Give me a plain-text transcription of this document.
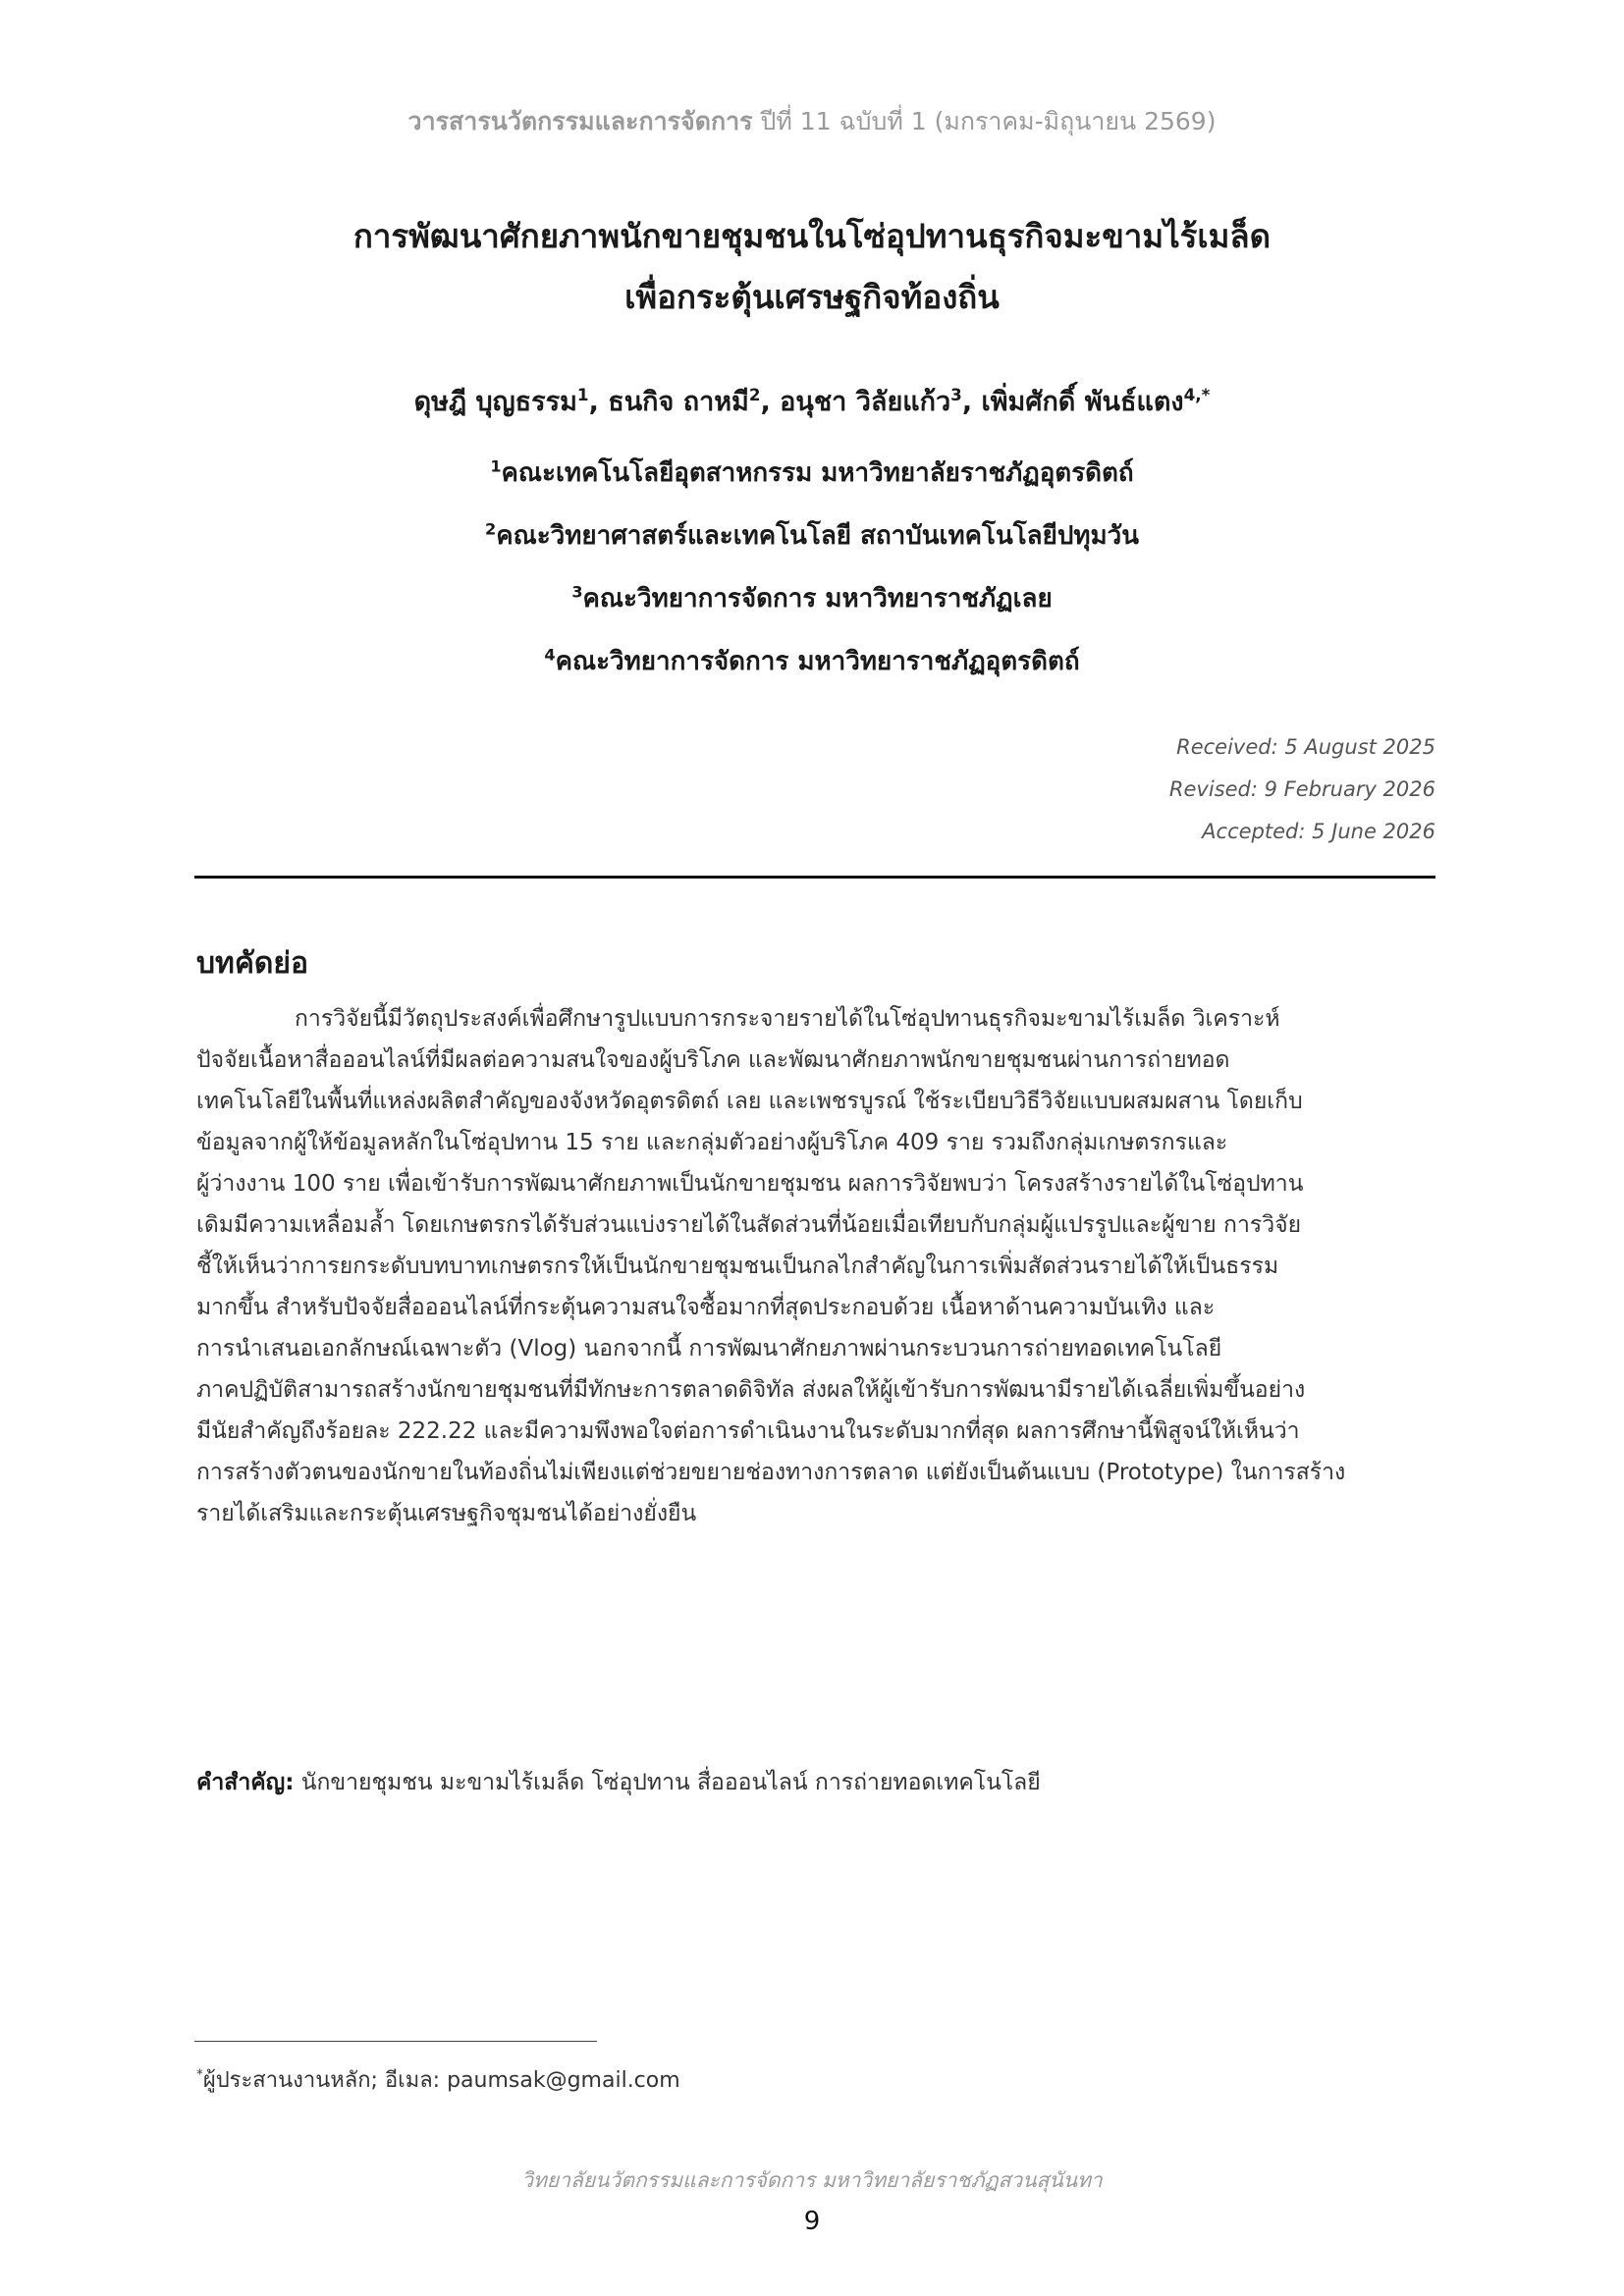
วารสารนวัตกรรมและการจัดการ ปีที่ 11 ฉบับที่ 1 (มกราคม-มิถุนายน 2569)
การพัฒนาศักยภาพนักขายชุมชนในโซ่อุปทานธุรกิจมะขามไร้เมล็ด
เพื่อกระตุ้นเศรษฐกิจท้องถิ่น
ดุษฎี บุญธรรม$^1$, ธนกิจ ถาหมี$^2$, อนุชา วิลัยแก้ว$^3$, เพิ่มศักดิ์ พันธ์แตง$^{4,*}$
$^1$คณะเทคโนโลยีอุตสาหกรรม มหาวิทยาลัยราชภัฏอุตรดิตถ์
$^2$คณะวิทยาศาสตร์และเทคโนโลยี สถาบันเทคโนโลยีปทุมวัน
$^3$คณะวิทยาการจัดการ มหาวิทยาราชภัฏเลย
$^4$คณะวิทยาการจัดการ มหาวิทยาราชภัฏอุตรดิตถ์
Received: 5 August 2025
Revised: 9 February 2026
Accepted: 5 June 2026
บทคัดย่อ
การวิจัยนี้มีวัตถุประสงค์เพื่อศึกษารูปแบบการกระจายรายได้ในโซ่อุปทานธุรกิจมะขามไร้เมล็ด วิเคราะห์
ปัจจัยเนื้อหาสื่อออนไลน์ที่มีผลต่อความสนใจของผู้บริโภค และพัฒนาศักยภาพนักขายชุมชนผ่านการถ่ายทอด
เทคโนโลยีในพื้นที่แหล่งผลิตสำคัญของจังหวัดอุตรดิตถ์ เลย และเพชรบูรณ์ ใช้ระเบียบวิธีวิจัยแบบผสมผสาน โดยเก็บ
ข้อมูลจากผู้ให้ข้อมูลหลักในโซ่อุปทาน 15 ราย และกลุ่มตัวอย่างผู้บริโภค 409 ราย รวมถึงกลุ่มเกษตรกรและ
ผู้ว่างงาน 100 ราย เพื่อเข้ารับการพัฒนาศักยภาพเป็นนักขายชุมชน ผลการวิจัยพบว่า โครงสร้างรายได้ในโซ่อุปทาน
เดิมมีความเหลื่อมล้ำ โดยเกษตรกรได้รับส่วนแบ่งรายได้ในสัดส่วนที่น้อยเมื่อเทียบกับกลุ่มผู้แปรรูปและผู้ขาย การวิจัย
ชี้ให้เห็นว่าการยกระดับบทบาทเกษตรกรให้เป็นนักขายชุมชนเป็นกลไกสำคัญในการเพิ่มสัดส่วนรายได้ให้เป็นธรรม
มากขึ้น สำหรับปัจจัยสื่อออนไลน์ที่กระตุ้นความสนใจซื้อมากที่สุดประกอบด้วย เนื้อหาด้านความบันเทิง และ
การนำเสนอเอกลักษณ์เฉพาะตัว (Vlog) นอกจากนี้ การพัฒนาศักยภาพผ่านกระบวนการถ่ายทอดเทคโนโลยี
ภาคปฏิบัติสามารถสร้างนักขายชุมชนที่มีทักษะการตลาดดิจิทัล ส่งผลให้ผู้เข้ารับการพัฒนามีรายได้เฉลี่ยเพิ่มขึ้นอย่าง
มีนัยสำคัญถึงร้อยละ 222.22 และมีความพึงพอใจต่อการดำเนินงานในระดับมากที่สุด ผลการศึกษานี้พิสูจน์ให้เห็นว่า
การสร้างตัวตนของนักขายในท้องถิ่นไม่เพียงแต่ช่วยขยายช่องทางการตลาด แต่ยังเป็นต้นแบบ (Prototype) ในการสร้าง
รายได้เสริมและกระตุ้นเศรษฐกิจชุมชนได้อย่างยั่งยืน
คำสำคัญ: นักขายชุมชน มะขามไร้เมล็ด โซ่อุปทาน สื่อออนไลน์ การถ่ายทอดเทคโนโลยี
*ผู้ประสานงานหลัก; อีเมล: paumsak@gmail.com
วิทยาลัยนวัตกรรมและการจัดการ มหาวิทยาลัยราชภัฏสวนสุนันทา
9
